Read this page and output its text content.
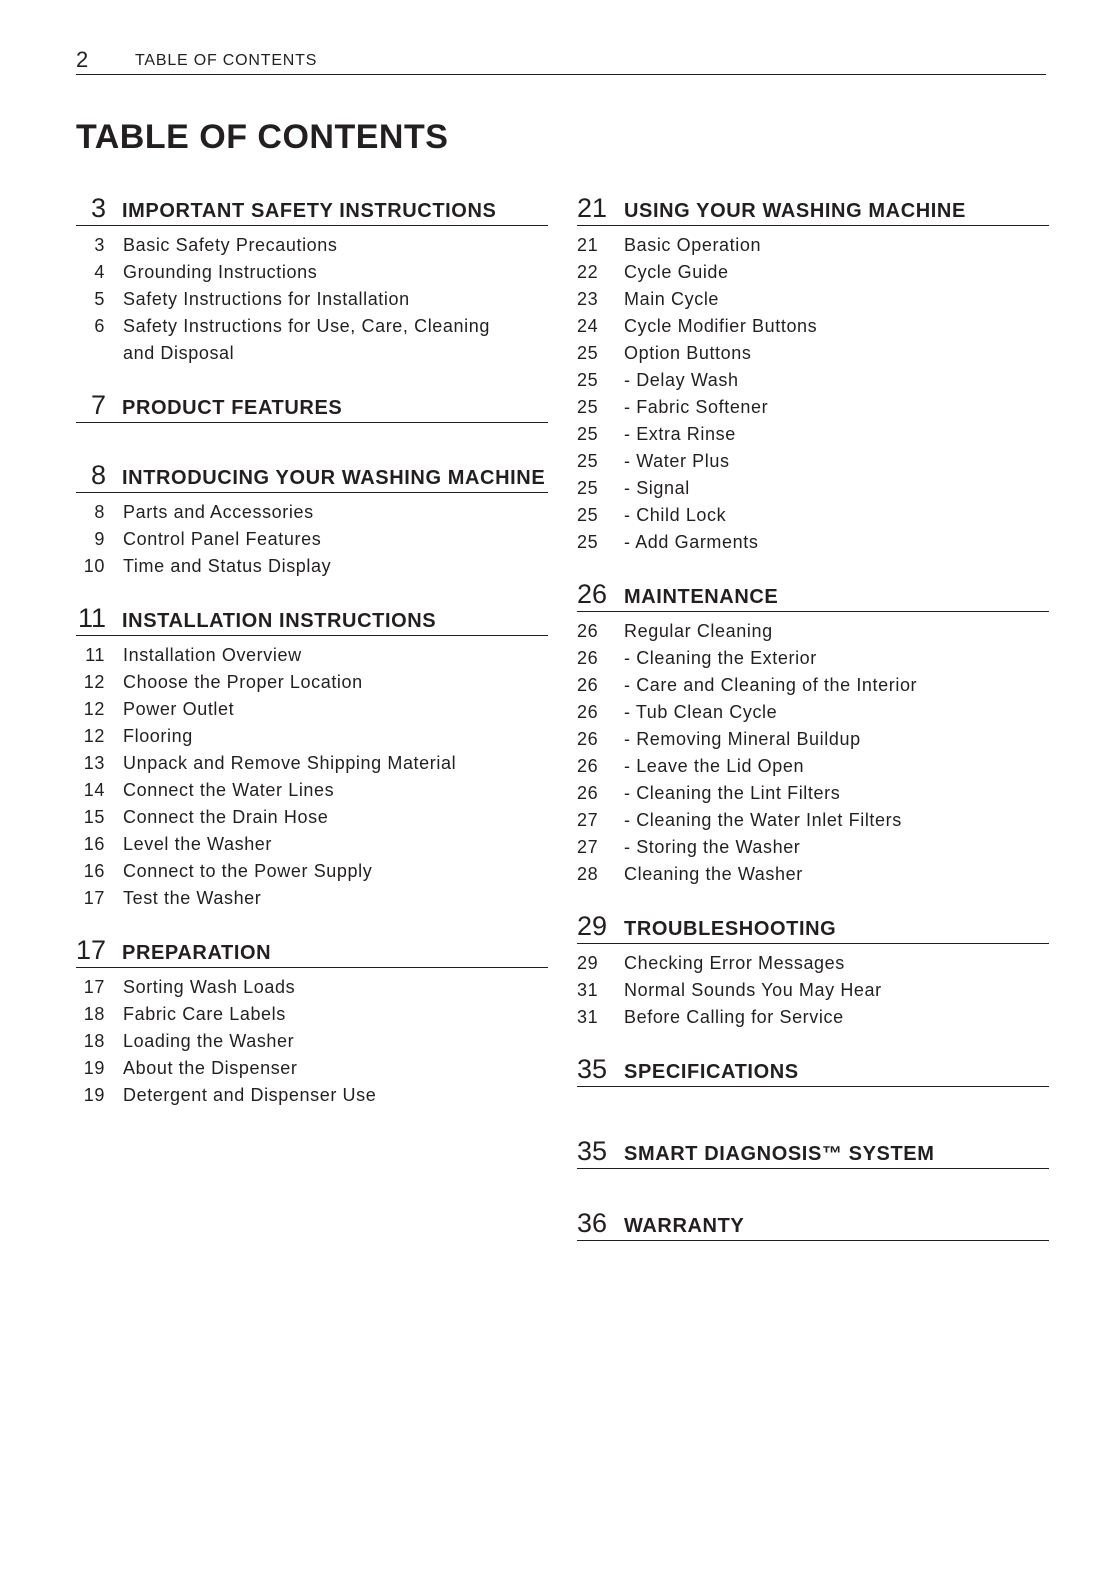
2	TABLE OF CONTENTS
TABLE OF CONTENTS
3 IMPORTANT SAFETY INSTRUCTIONS
3 Basic Safety Precautions
4 Grounding Instructions
5 Safety Instructions for Installation
6 Safety Instructions for Use, Care, Cleaning
and Disposal
7 PRODUCT FEATURES
8 INTRODUCING YOUR WASHING MACHINE
8 Parts and Accessories
9 Control Panel Features
10 Time and Status Display
11 INSTALLATION INSTRUCTIONS
11 Installation Overview
12 Choose the Proper Location
12 Power Outlet
12 Flooring
13 Unpack and Remove Shipping Material
14 Connect the Water Lines
15 Connect the Drain Hose
16 Level the Washer
16 Connect to the Power Supply
17 Test the Washer
17 PREPARATION
17 Sorting Wash Loads
18 Fabric Care Labels
18 Loading the Washer
19 About the Dispenser
19 Detergent and Dispenser Use
21 USING YOUR WASHING MACHINE
21	Basic Operation
22	Cycle Guide
23	Main Cycle
24	Cycle Modifier Buttons
25	Option Buttons
25	- Delay Wash
25	- Fabric Softener
25	- Extra Rinse
25	- Water Plus
25	- Signal
25	- Child Lock
25	- Add Garments
26 MAINTENANCE
26	Regular Cleaning
26	- Cleaning the Exterior
26	- Care and Cleaning of the Interior
26	- Tub Clean Cycle
26	- Removing Mineral Buildup
26	- Leave the Lid Open
26	- Cleaning the Lint Filters
27	- Cleaning the Water Inlet Filters
27	- Storing the Washer
28	Cleaning the Washer
29 TROUBLESHOOTING
29	Checking Error Messages
31	Normal Sounds You May Hear
31	Before Calling for Service
35 SPECIFICATIONS
35 SMART DIAGNOSIS™ SYSTEM
36 WARRANTY
